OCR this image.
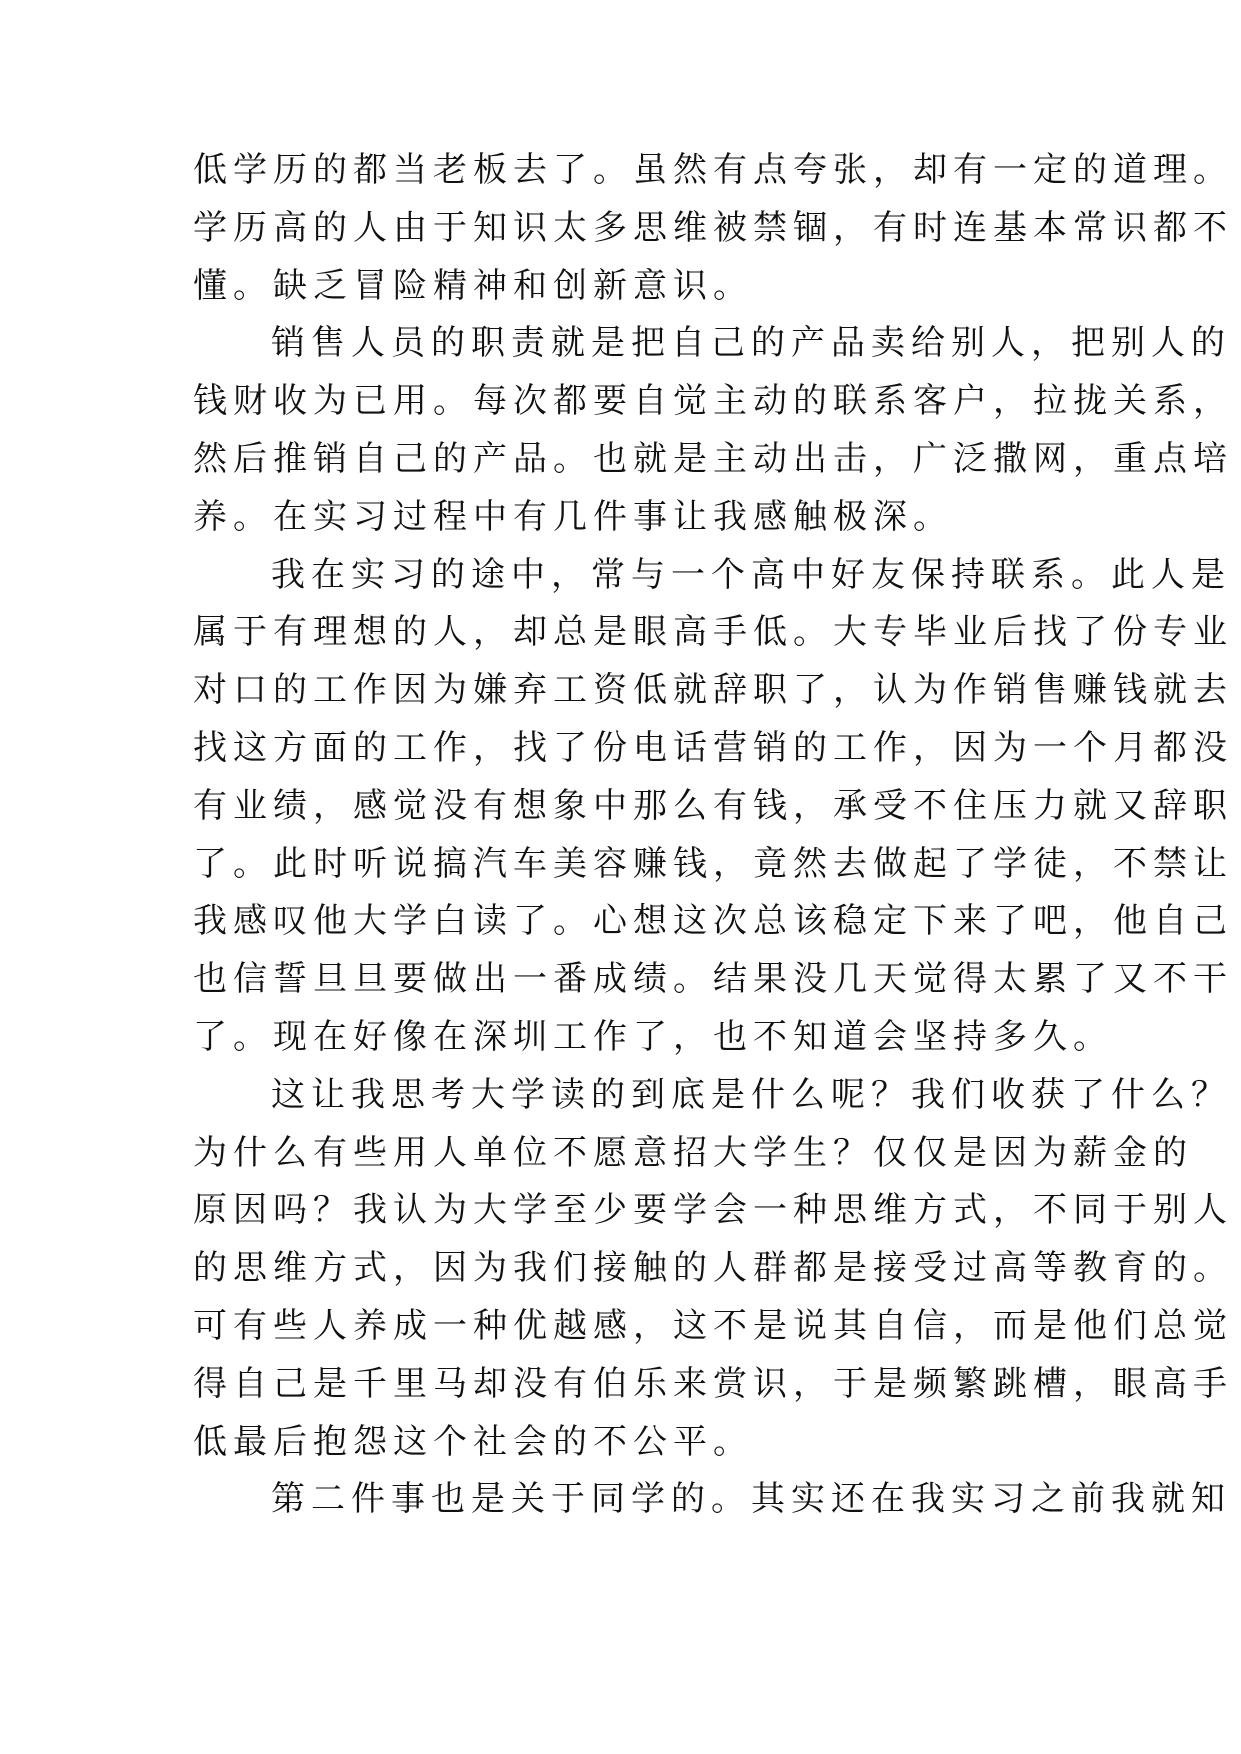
低学历的都当老板去了。虽然有点夸张，却有一定的道理。
学历高的人由于知识太多思维被禁锢，有时连基本常识都不
懂。缺乏冒险精神和创新意识。
销售人员的职责就是把自己的产品卖给别人，把别人的
钱财收为已用。每次都要自觉主动的联系客户，拉拢关系，
然后推销自己的产品。也就是主动出击，广泛撒网，重点培
养。在实习过程中有几件事让我感触极深。
我在实习的途中，常与一个高中好友保持联系。此人是
属于有理想的人，却总是眼高手低。大专毕业后找了份专业
对口的工作因为嫌弃工资低就辞职了，认为作销售赚钱就去
找这方面的工作，找了份电话营销的工作，因为一个月都没
有业绩，感觉没有想象中那么有钱，承受不住压力就又辞职
了。此时听说搞汽车美容赚钱，竟然去做起了学徒，不禁让
我感叹他大学白读了。心想这次总该稳定下来了吧，他自己
也信誓旦旦要做出一番成绩。结果没几天觉得太累了又不干
了。现在好像在深圳工作了，也不知道会坚持多久。
这让我思考大学读的到底是什么呢？我们收获了什么？
为什么有些用人单位不愿意招大学生？仅仅是因为薪金的
原因吗？我认为大学至少要学会一种思维方式，不同于别人
的思维方式，因为我们接触的人群都是接受过高等教育的。
可有些人养成一种优越感，这不是说其自信，而是他们总觉
得自己是千里马却没有伯乐来赏识，于是频繁跳槽，眼高手
低最后抱怨这个社会的不公平。
第二件事也是关于同学的。其实还在我实习之前我就知
